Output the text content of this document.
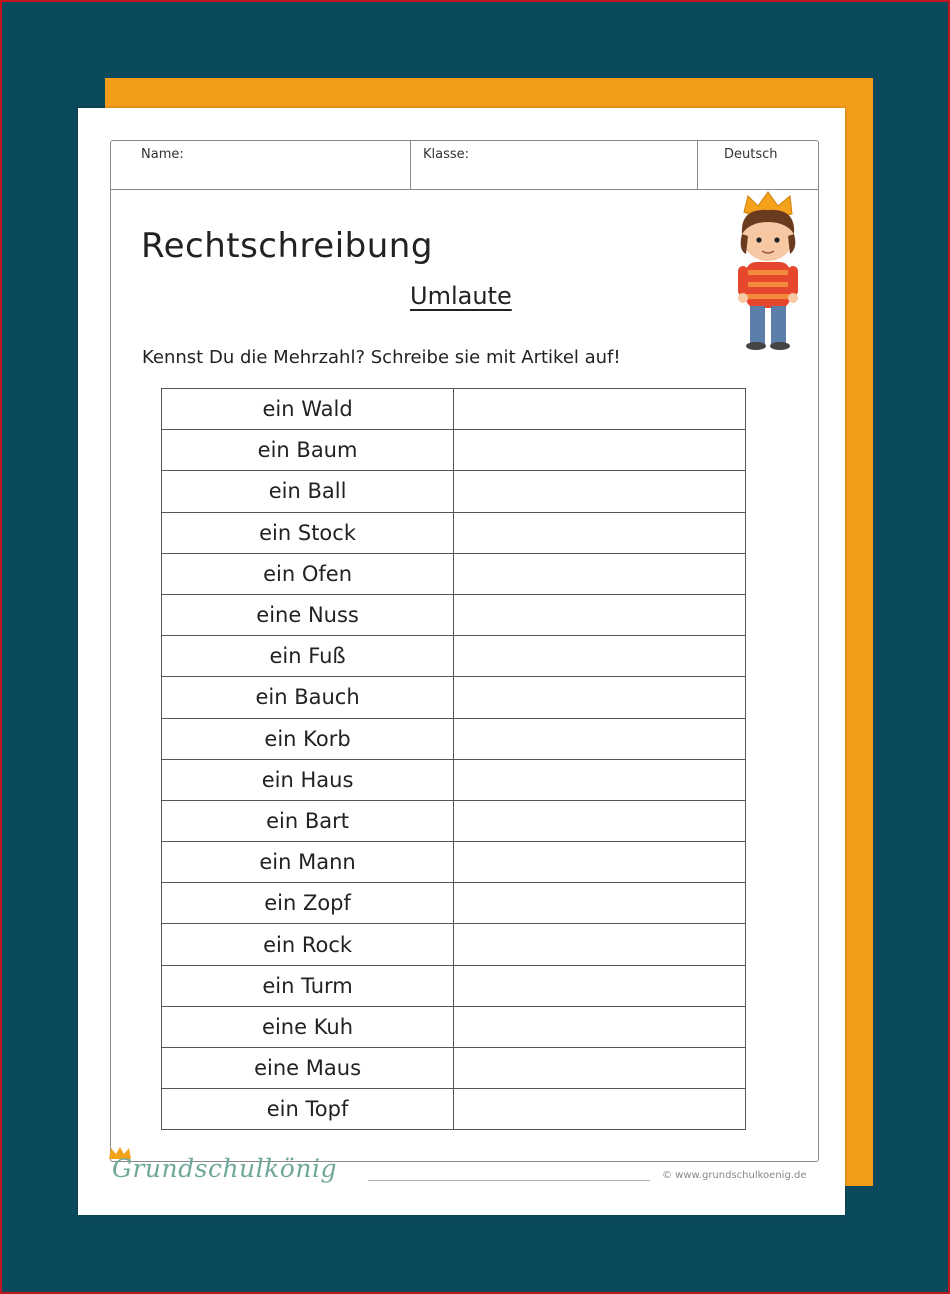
Name:	Klasse:	Deutsch
Rechtschreibung
Umlaute
Kennst Du die Mehrzahl? Schreibe sie mit Artikel auf!
ein Wald	
ein Baum	
ein Ball	
ein Stock	
ein Ofen	
eine Nuss	
ein Fuß	
ein Bauch	
ein Korb	
ein Haus	
ein Bart	
ein Mann	
ein Zopf	
ein Rock	
ein Turm	
eine Kuh	
eine Maus	
ein Topf	
Grundschulkönig	© www.grundschulkoenig.de
